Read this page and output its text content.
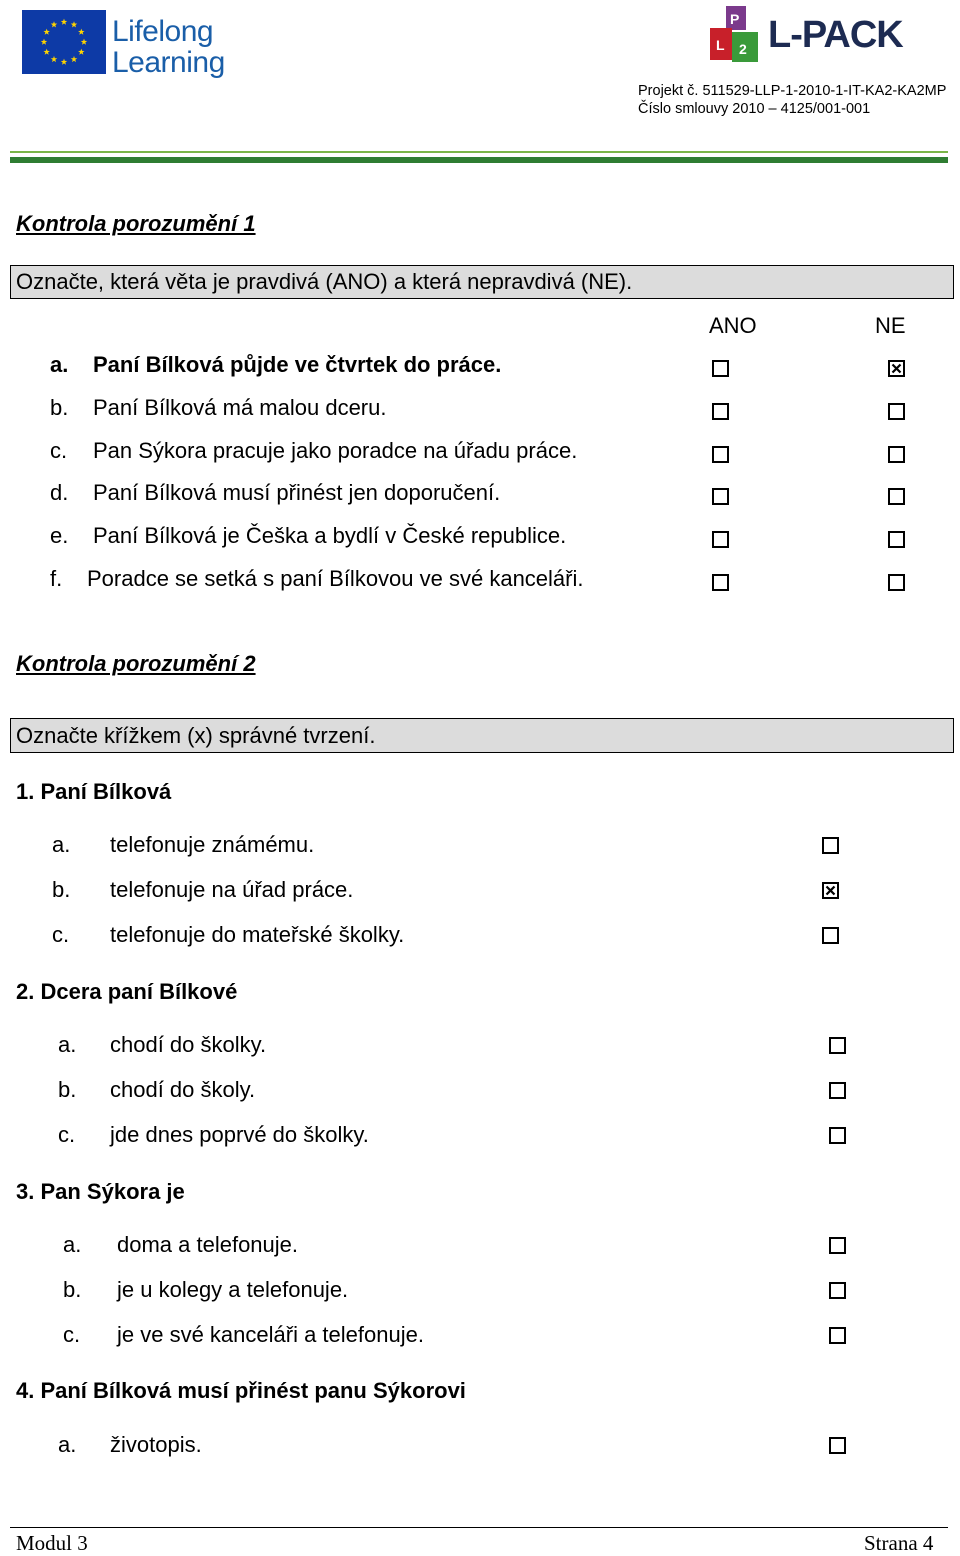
Lifelong
Learning
P
L 2 L-PACK
Projekt č. 511529-LLP-1-2010-1-IT-KA2-KA2MP
Číslo smlouvy 2010 – 4125/001-001
Kontrola porozumění 1
Označte, která věta je pravdivá (ANO) a která nepravdivá (NE).
ANO	NE
a. Paní Bílková půjde ve čtvrtek do práce.
b. Paní Bílková má malou dceru.
c. Pan Sýkora pracuje jako poradce na úřadu práce.
d. Paní Bílková musí přinést jen doporučení.
e. Paní Bílková je Češka a bydlí v České republice.
f. Poradce se setká s paní Bílkovou ve své kanceláři.
Kontrola porozumění 2
Označte křížkem (x) správné tvrzení.
1. Paní Bílková
a. telefonuje známému.
b. telefonuje na úřad práce.
c. telefonuje do mateřské školky.
2. Dcera paní Bílkové
a. chodí do školky.
b. chodí do školy.
c. jde dnes poprvé do školky.
3. Pan Sýkora je
a. doma a telefonuje.
b. je u kolegy a telefonuje.
c. je ve své kanceláři a telefonuje.
4. Paní Bílková musí přinést panu Sýkorovi
a. životopis.
Modul 3	Strana 4
